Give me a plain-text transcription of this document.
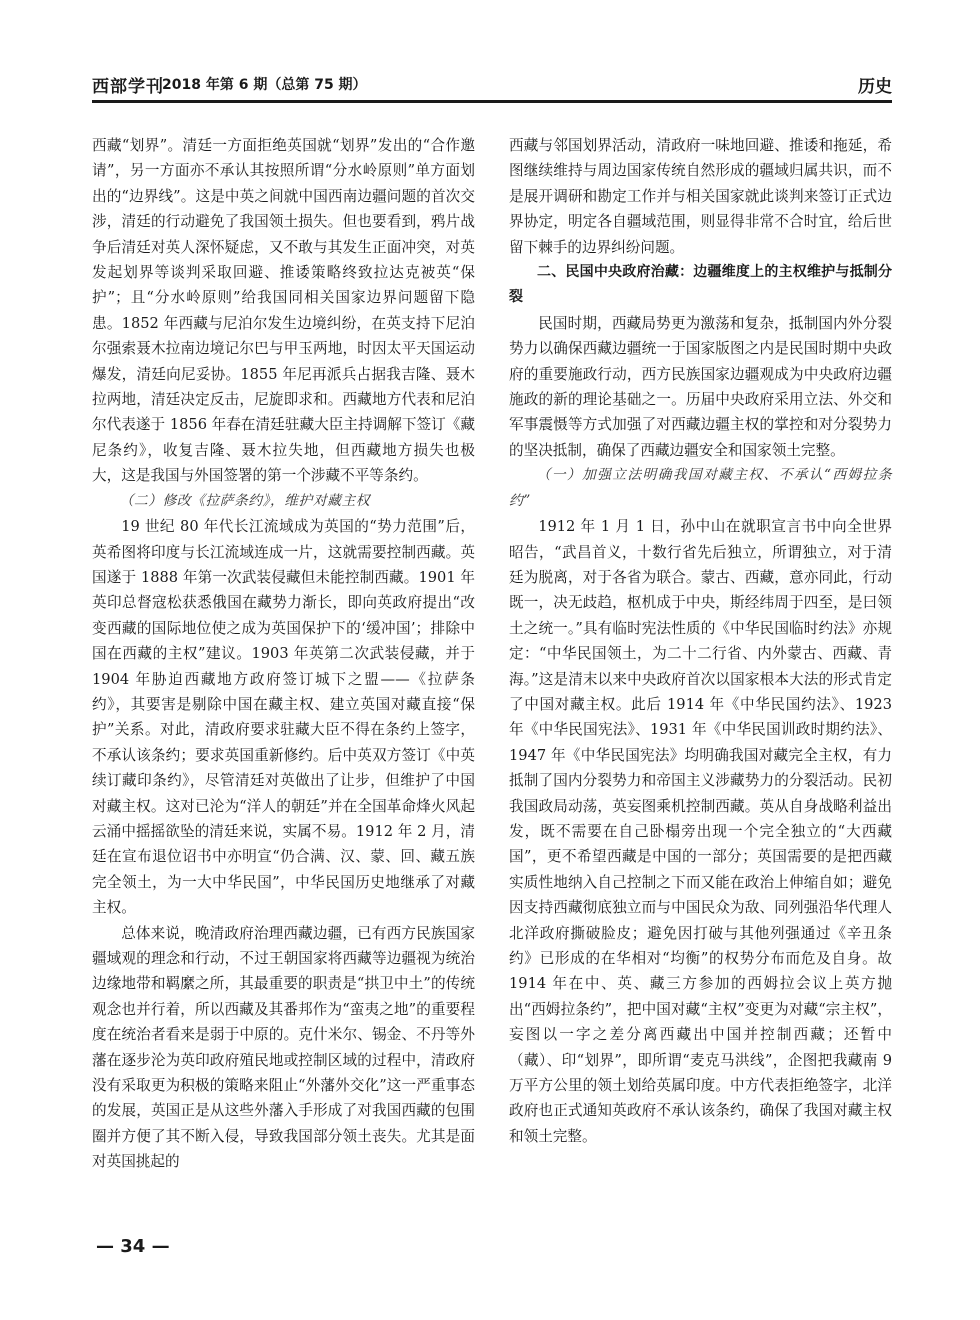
西部学刊
2018 年第 6 期（总第 75 期）	历史

西藏“划界”。清廷一方面拒绝英国就“划界”发出的“合作邀请”，另一方面亦不承认其按照所谓“分水岭原则”单方面划出的“边界线”。这是中英之间就中国西南边疆问题的首次交涉，清廷的行动避免了我国领土损失。但也要看到，鸦片战争后清廷对英人深怀疑虑，又不敢与其发生正面冲突，对英发起划界等谈判采取回避、推诿策略终致拉达克被英“保护”；且“分水岭原则”给我国同相关国家边界问题留下隐患。1852 年西藏与尼泊尔发生边境纠纷，在英支持下尼泊尔强索聂木拉南边境记尔巴与甲玉两地，时因太平天国运动爆发，清廷向尼妥协。1855 年尼再派兵占据我吉隆、聂木拉两地，清廷决定反击，尼旋即求和。西藏地方代表和尼泊尔代表遂于 1856 年春在清廷驻藏大臣主持调解下签订《藏尼条约》，收复吉隆、聂木拉失地，但西藏地方损失也极大，这是我国与外国签署的第一个涉藏不平等条约。

（二）修改《拉萨条约》，维护对藏主权

19 世纪 80 年代长江流域成为英国的“势力范围”后，英希图将印度与长江流域连成一片，这就需要控制西藏。英国遂于 1888 年第一次武装侵藏但未能控制西藏。1901 年英印总督寇松获悉俄国在藏势力渐长，即向英政府提出“改变西藏的国际地位使之成为英国保护下的‘缓冲国’；排除中国在西藏的主权”建议。1903 年英第二次武装侵藏，并于 1904 年胁迫西藏地方政府签订城下之盟——《拉萨条约》，其要害是剔除中国在藏主权、建立英国对藏直接“保护”关系。对此，清政府要求驻藏大臣不得在条约上签字，不承认该条约；要求英国重新修约。后中英双方签订《中英续订藏印条约》，尽管清廷对英做出了让步，但维护了中国对藏主权。这对已沦为“洋人的朝廷”并在全国革命烽火风起云涌中摇摇欲坠的清廷来说，实属不易。1912 年 2 月，清廷在宣布退位诏书中亦明宣“仍合满、汉、蒙、回、藏五族完全领土，为一大中华民国”，中华民国历史地继承了对藏主权。

总体来说，晚清政府治理西藏边疆，已有西方民族国家疆域观的理念和行动，不过王朝国家将西藏等边疆视为统治边缘地带和羁縻之所，其最重要的职责是“拱卫中土”的传统观念也并行着，所以西藏及其番邦作为“蛮夷之地”的重要程度在统治者看来是弱于中原的。克什米尔、锡金、不丹等外藩在逐步沦为英印政府殖民地或控制区域的过程中，清政府没有采取更为积极的策略来阻止“外藩外交化”这一严重事态的发展，英国正是从这些外藩入手形成了对我国西藏的包围圈并方便了其不断入侵，导致我国部分领土丧失。尤其是面对英国挑起的

西藏与邻国划界活动，清政府一味地回避、推诿和拖延，希图继续维持与周边国家传统自然形成的疆域归属共识，而不是展开调研和勘定工作并与相关国家就此谈判来签订正式边界协定，明定各自疆域范围，则显得非常不合时宜，给后世留下棘手的边界纠纷问题。

二、民国中央政府治藏：边疆维度上的主权维护与抵制分裂

民国时期，西藏局势更为激荡和复杂，抵制国内外分裂势力以确保西藏边疆统一于国家版图之内是民国时期中央政府的重要施政行动，西方民族国家边疆观成为中央政府边疆施政的新的理论基础之一。历届中央政府采用立法、外交和军事震慑等方式加强了对西藏边疆主权的掌控和对分裂势力的坚决抵制，确保了西藏边疆安全和国家领土完整。

（一）加强立法明确我国对藏主权、不承认“西姆拉条约”

1912 年 1 月 1 日，孙中山在就职宣言书中向全世界昭告，“武昌首义，十数行省先后独立，所谓独立，对于清廷为脱离，对于各省为联合。蒙古、西藏，意亦同此，行动既一，决无歧趋，枢机成于中央，斯经纬周于四至，是曰领土之统一。”具有临时宪法性质的《中华民国临时约法》亦规定：“中华民国领土，为二十二行省、内外蒙古、西藏、青海。”这是清末以来中央政府首次以国家根本大法的形式肯定了中国对藏主权。此后 1914 年《中华民国约法》、1923 年《中华民国宪法》、1931 年《中华民国训政时期约法》、1947 年《中华民国宪法》均明确我国对藏完全主权，有力抵制了国内分裂势力和帝国主义涉藏势力的分裂活动。民初我国政局动荡，英妄图乘机控制西藏。英从自身战略利益出发，既不需要在自己卧榻旁出现一个完全独立的“大西藏国”，更不希望西藏是中国的一部分；英国需要的是把西藏实质性地纳入自己控制之下而又能在政治上伸缩自如；避免因支持西藏彻底独立而与中国民众为敌、同列强沿华代理人北洋政府撕破脸皮；避免因打破与其他列强通过《辛丑条约》已形成的在华相对“均衡”的权势分布而危及自身。故 1914 年在中、英、藏三方参加的西姆拉会议上英方抛出“西姆拉条约”，把中国对藏“主权”变更为对藏“宗主权”，妄图以一字之差分离西藏出中国并控制西藏；还暂中（藏）、印“划界”，即所谓“麦克马洪线”，企图把我藏南 9 万平方公里的领土划给英属印度。中方代表拒绝签字，北洋政府也正式通知英政府不承认该条约，确保了我国对藏主权和领土完整。

— 34 —
